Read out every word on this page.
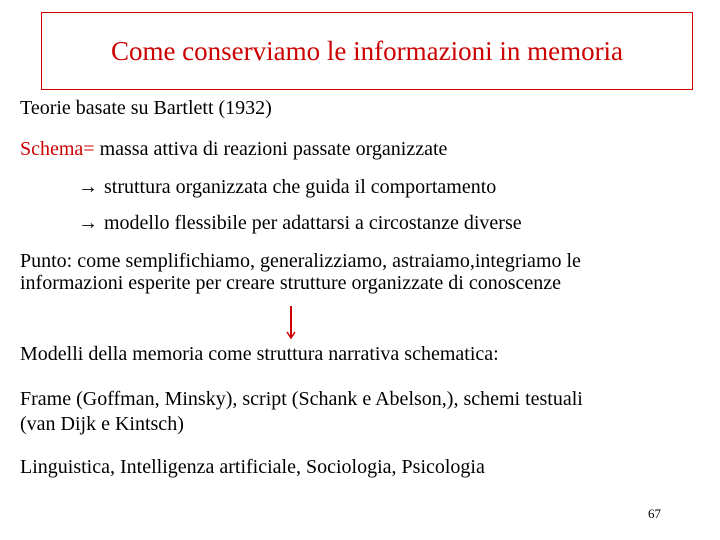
Come conserviamo le informazioni in memoria

Teorie basate su Bartlett (1932)

Schema= massa attiva di reazioni passate organizzate

→ struttura organizzata che guida il comportamento

→ modello flessibile per adattarsi a circostanze diverse

Punto: come semplifichiamo, generalizziamo, astraiamo,integriamo le

informazioni esperite per creare strutture organizzate di conoscenze

Modelli della memoria come struttura narrativa schematica:

Frame (Goffman, Minsky), script (Schank e Abelson,), schemi testuali

(van Dijk e Kintsch)

Linguistica, Intelligenza artificiale, Sociologia, Psicologia

67
